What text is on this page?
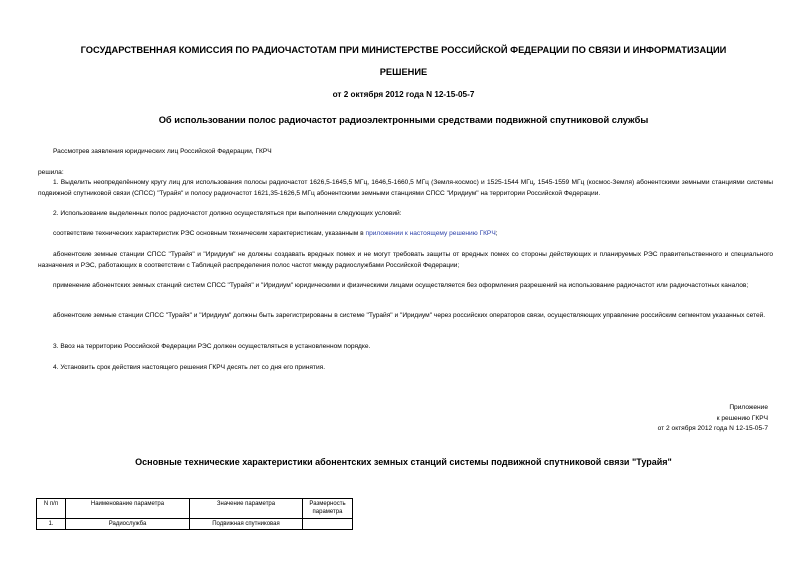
ГОСУДАРСТВЕННАЯ КОМИССИЯ ПО РАДИОЧАСТОТАМ ПРИ МИНИСТЕРСТВЕ РОССИЙСКОЙ ФЕДЕРАЦИИ ПО СВЯЗИ И ИНФОРМАТИЗАЦИИ
РЕШЕНИЕ
от 2 октября 2012 года N 12-15-05-7
Об использовании полос радиочастот радиоэлектронными средствами подвижной спутниковой службы
Рассмотрев заявления юридических лиц Российской Федерации, ГКРЧ
решила:
1. Выделить неопределённому кругу лиц для использования полосы радиочастот 1626,5-1645,5 МГц, 1646,5-1660,5 МГц (Земля-космос) и 1525-1544 МГц, 1545-1559 МГц (космос-Земля) абонентскими земными станциями системы подвижной спутниковой связи (СПСС) "Турайя" и полосу радиочастот 1621,35-1626,5 МГц абонентскими земными станциями СПСС "Иридиум" на территории Российской Федерации.
2. Использование выделенных полос радиочастот должно осуществляться при выполнении следующих условий:
соответствие технических характеристик РЭС основным техническим характеристикам, указанным в приложении к настоящему решению ГКРЧ;
абонентские земные станции СПСС "Турайя" и "Иридиум" не должны создавать вредных помех и не могут требовать защиты от вредных помех со стороны действующих и планируемых РЭС правительственного и специального назначения и РЭС, работающих в соответствии с Таблицей распределения полос частот между радиослужбами Российской Федерации;
применение абонентских земных станций систем СПСС "Турайя" и "Иридиум" юридическими и физическими лицами осуществляется без оформления разрешений на использование радиочастот или радиочастотных каналов;
абонентские земные станции СПСС "Турайя" и "Иридиум" должны быть зарегистрированы в системе "Турайя" и "Иридиум" через российских операторов связи, осуществляющих управление российским сегментом указанных сетей.
3. Ввоз на территорию Российской Федерации РЭС должен осуществляться в установленном порядке.
4. Установить срок действия настоящего решения ГКРЧ десять лет со дня его принятия.
Приложение
к решению ГКРЧ
от 2 октября 2012 года N 12-15-05-7
Основные технические характеристики абонентских земных станций системы подвижной спутниковой связи "Турайя"
N п/п	Наименование параметра	Значение параметра	Размерность параметра
1.	Радиослужба	Подвижная спутниковая	
